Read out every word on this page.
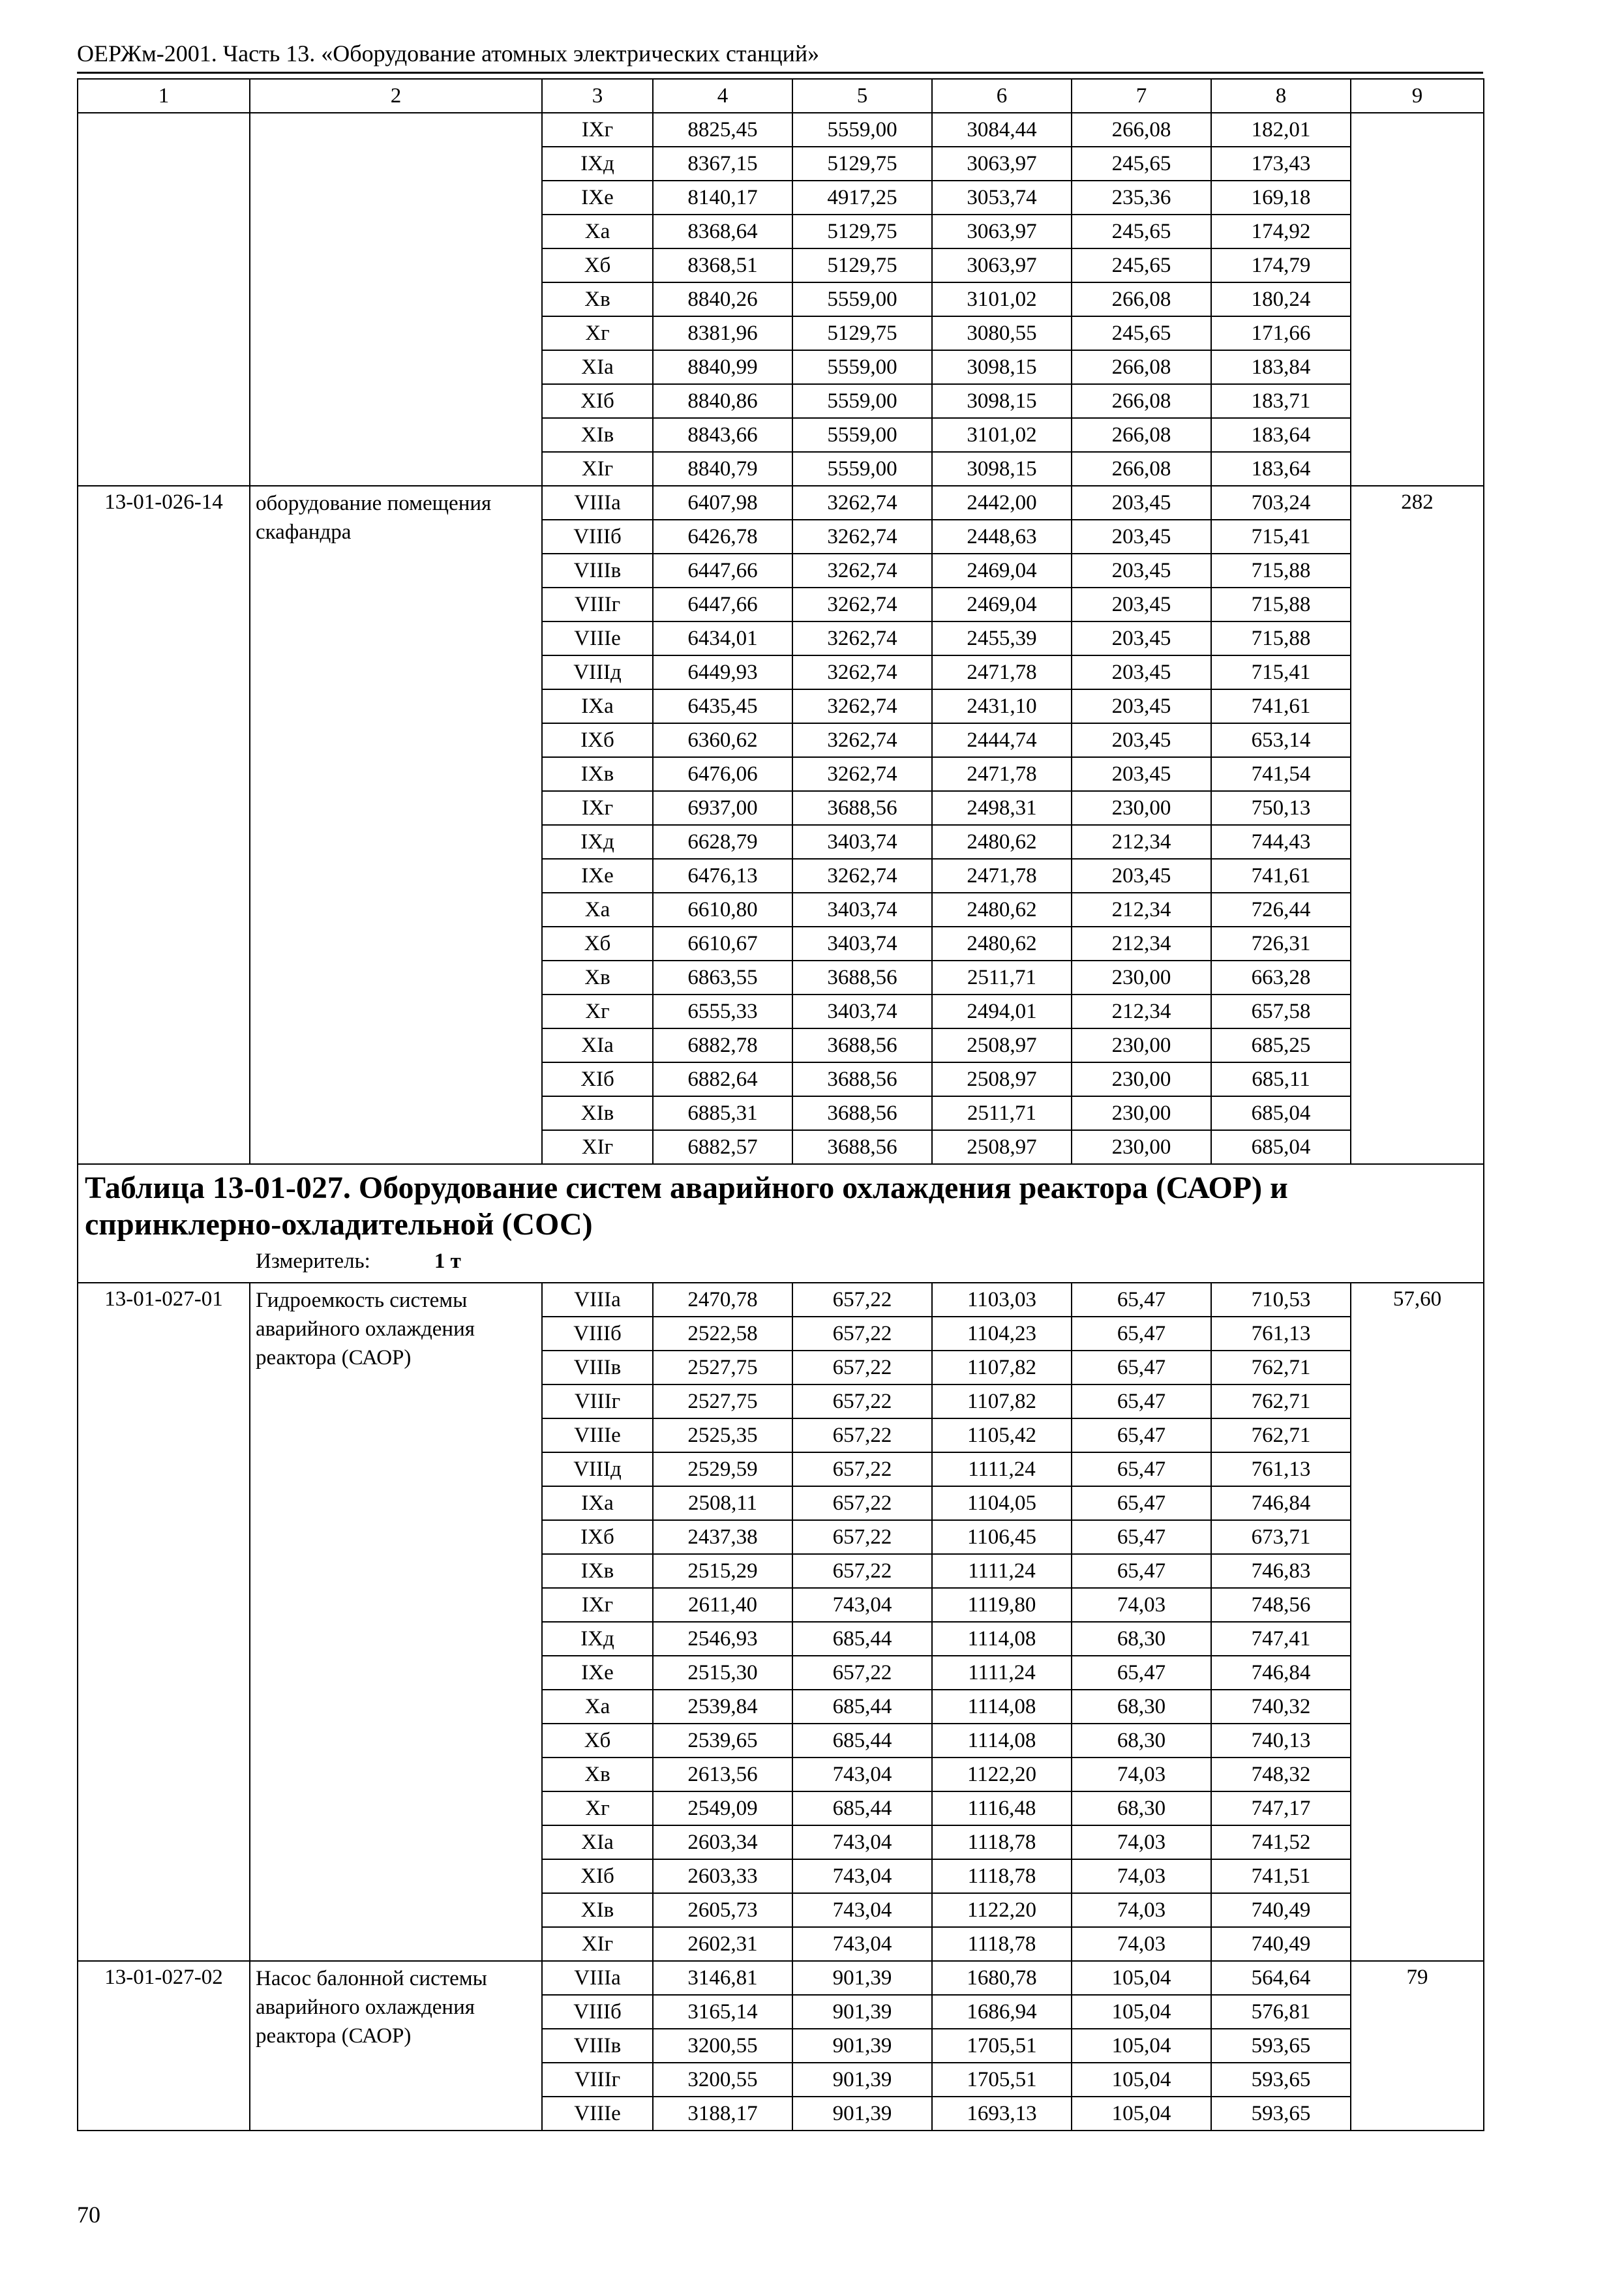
ОЕРЖм-2001. Часть 13. «Оборудование атомных электрических станций»
1	2	3	4	5	6	7	8	9
		IXг	8825,45	5559,00	3084,44	266,08	182,01	
		IXд	8367,15	5129,75	3063,97	245,65	173,43	
		IXе	8140,17	4917,25	3053,74	235,36	169,18	
		Xа	8368,64	5129,75	3063,97	245,65	174,92	
		Xб	8368,51	5129,75	3063,97	245,65	174,79	
		Xв	8840,26	5559,00	3101,02	266,08	180,24	
		Xг	8381,96	5129,75	3080,55	245,65	171,66	
		XIа	8840,99	5559,00	3098,15	266,08	183,84	
		XIб	8840,86	5559,00	3098,15	266,08	183,71	
		XIв	8843,66	5559,00	3101,02	266,08	183,64	
		XIг	8840,79	5559,00	3098,15	266,08	183,64	
13-01-026-14	оборудование помещения скафандра	VIIIа	6407,98	3262,74	2442,00	203,45	703,24	282
		VIIIб	6426,78	3262,74	2448,63	203,45	715,41	
		VIIIв	6447,66	3262,74	2469,04	203,45	715,88	
		VIIIг	6447,66	3262,74	2469,04	203,45	715,88	
		VIIIе	6434,01	3262,74	2455,39	203,45	715,88	
		VIIIд	6449,93	3262,74	2471,78	203,45	715,41	
		IXа	6435,45	3262,74	2431,10	203,45	741,61	
		IXб	6360,62	3262,74	2444,74	203,45	653,14	
		IXв	6476,06	3262,74	2471,78	203,45	741,54	
		IXг	6937,00	3688,56	2498,31	230,00	750,13	
		IXд	6628,79	3403,74	2480,62	212,34	744,43	
		IXе	6476,13	3262,74	2471,78	203,45	741,61	
		Xа	6610,80	3403,74	2480,62	212,34	726,44	
		Xб	6610,67	3403,74	2480,62	212,34	726,31	
		Xв	6863,55	3688,56	2511,71	230,00	663,28	
		Xг	6555,33	3403,74	2494,01	212,34	657,58	
		XIа	6882,78	3688,56	2508,97	230,00	685,25	
		XIб	6882,64	3688,56	2508,97	230,00	685,11	
		XIв	6885,31	3688,56	2511,71	230,00	685,04	
		XIг	6882,57	3688,56	2508,97	230,00	685,04	

Таблица 13-01-027. Оборудование систем аварийного охлаждения реактора (САОР) и спринклерно-охладительной (СОС)
Измеритель: 1 т								

13-01-027-01	Гидроемкость системы аварийного охлаждения реактора (САОР)	VIIIа	2470,78	657,22	1103,03	65,47	710,53	57,60
		VIIIб	2522,58	657,22	1104,23	65,47	761,13	
		VIIIв	2527,75	657,22	1107,82	65,47	762,71	
		VIIIг	2527,75	657,22	1107,82	65,47	762,71	
		VIIIе	2525,35	657,22	1105,42	65,47	762,71	
		VIIIд	2529,59	657,22	1111,24	65,47	761,13	
		IXа	2508,11	657,22	1104,05	65,47	746,84	
		IXб	2437,38	657,22	1106,45	65,47	673,71	
		IXв	2515,29	657,22	1111,24	65,47	746,83	
		IXг	2611,40	743,04	1119,80	74,03	748,56	
		IXд	2546,93	685,44	1114,08	68,30	747,41	
		IXе	2515,30	657,22	1111,24	65,47	746,84	
		Xа	2539,84	685,44	1114,08	68,30	740,32	
		Xб	2539,65	685,44	1114,08	68,30	740,13	
		Xв	2613,56	743,04	1122,20	74,03	748,32	
		Xг	2549,09	685,44	1116,48	68,30	747,17	
		XIа	2603,34	743,04	1118,78	74,03	741,52	
		XIб	2603,33	743,04	1118,78	74,03	741,51	
		XIв	2605,73	743,04	1122,20	74,03	740,49	
		XIг	2602,31	743,04	1118,78	74,03	740,49	
13-01-027-02	Насос балонной системы аварийного охлаждения реактора (САОР)	VIIIа	3146,81	901,39	1680,78	105,04	564,64	79
		VIIIб	3165,14	901,39	1686,94	105,04	576,81	
		VIIIв	3200,55	901,39	1705,51	105,04	593,65	
		VIIIг	3200,55	901,39	1705,51	105,04	593,65	
		VIIIе	3188,17	901,39	1693,13	105,04	593,65	
70
